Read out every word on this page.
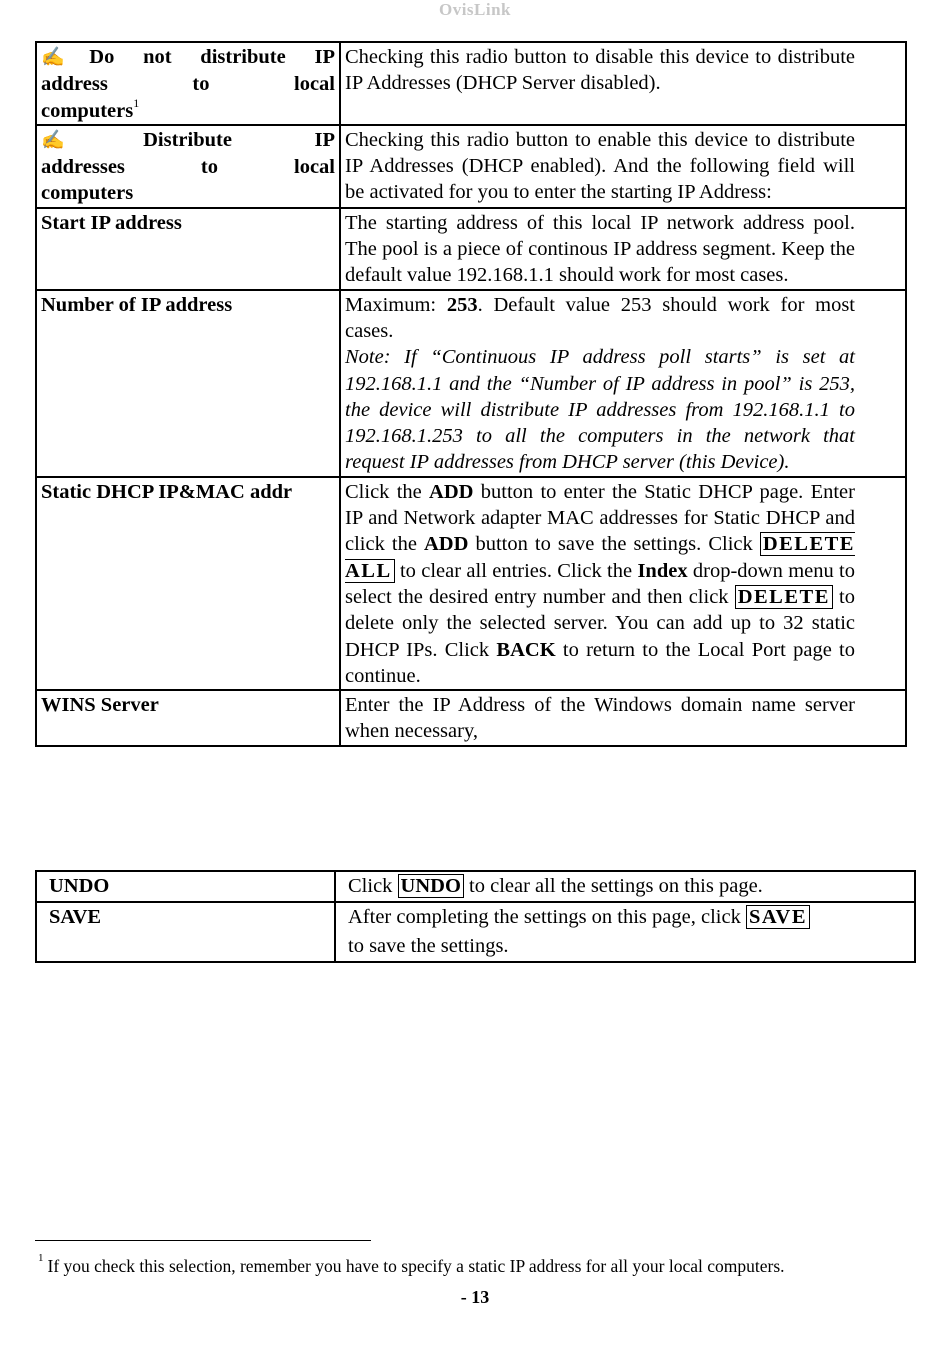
OvisLink
✍Do not distribute IP
address to local
computers$^1$	Checking this radio button to disable this device to distribute IP Addresses (DHCP Server disabled).

✍Distribute IP
addresses to local
computers	Checking this radio button to enable this device to distribute IP Addresses (DHCP enabled). And the following field will be activated for you to enter the starting IP Address:
Start IP address	The starting address of this local IP network address pool. The pool is a piece of continous IP address segment. Keep the default value 192.168.1.1 should work for most cases.
Number of IP address	Maximum: 253. Default value 253 should work for most cases.
Note: If “Continuous IP address poll starts” is set at 192.168.1.1 and the “Number of IP address in pool” is 253, the device will distribute IP addresses from 192.168.1.1 to 192.168.1.253 to all the computers in the network that request IP addresses from DHCP server (this Device).
Static DHCP IP&MAC addr	Click the ADD button to enter the Static DHCP page. Enter IP and Network adapter MAC addresses for Static DHCP and click the ADD button to save the settings. Click DELETE ALL to clear all entries. Click the Index drop-down menu to select the desired entry number and then click DELETE to delete only the selected server. You can add up to 32 static DHCP IPs. Click BACK to return to the Local Port page to continue.
WINS Server	Enter the IP Address of the Windows domain name server when necessary,
UNDO	Click UNDO to clear all the settings on this page.
SAVE	After completing the settings on this page, click SAVE
to save the settings.
$^1$ If you check this selection, remember you have to specify a static IP address for all your local computers.
- 13
